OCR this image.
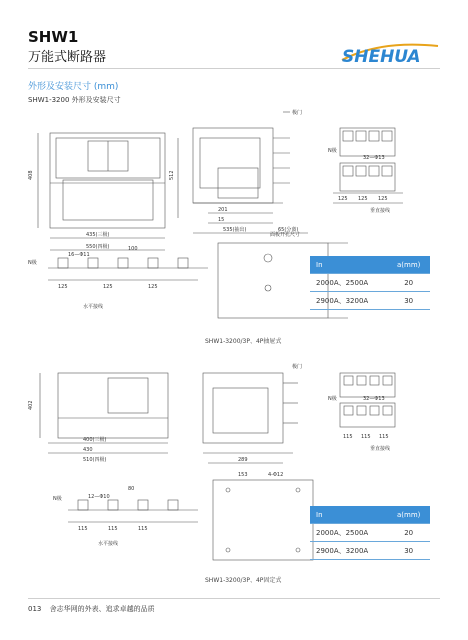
SHW1
万能式断路器	SHEHUA
外形及安装尺寸 (mm)
SHW1-3200 外形及安装尺寸
408
435(三极)
550(四极)
512
201
15
535(抽出)	65(分离)
极门
N极
32—Φ13
125 125 125
垂直接线
N极
16—Φ11
100
125	125	125
水平接线
面板开孔尺寸
In	a(mm)
2000A、2500A	20
2900A、3200A	30
SHW1-3200/3P、4P抽屉式
402
400(三极)
430
510(四极)	289
极门
N极	32—Φ13
115 115 115
垂直接线
N极	12—Φ10
80
115	115	115
水平接线
153	4-Φ12
In	a(mm)
2000A、2500A	20
2900A、3200A	30
SHW1-3200/3P、4P固定式
013 舍志华网的外表、追求卓越的品质
